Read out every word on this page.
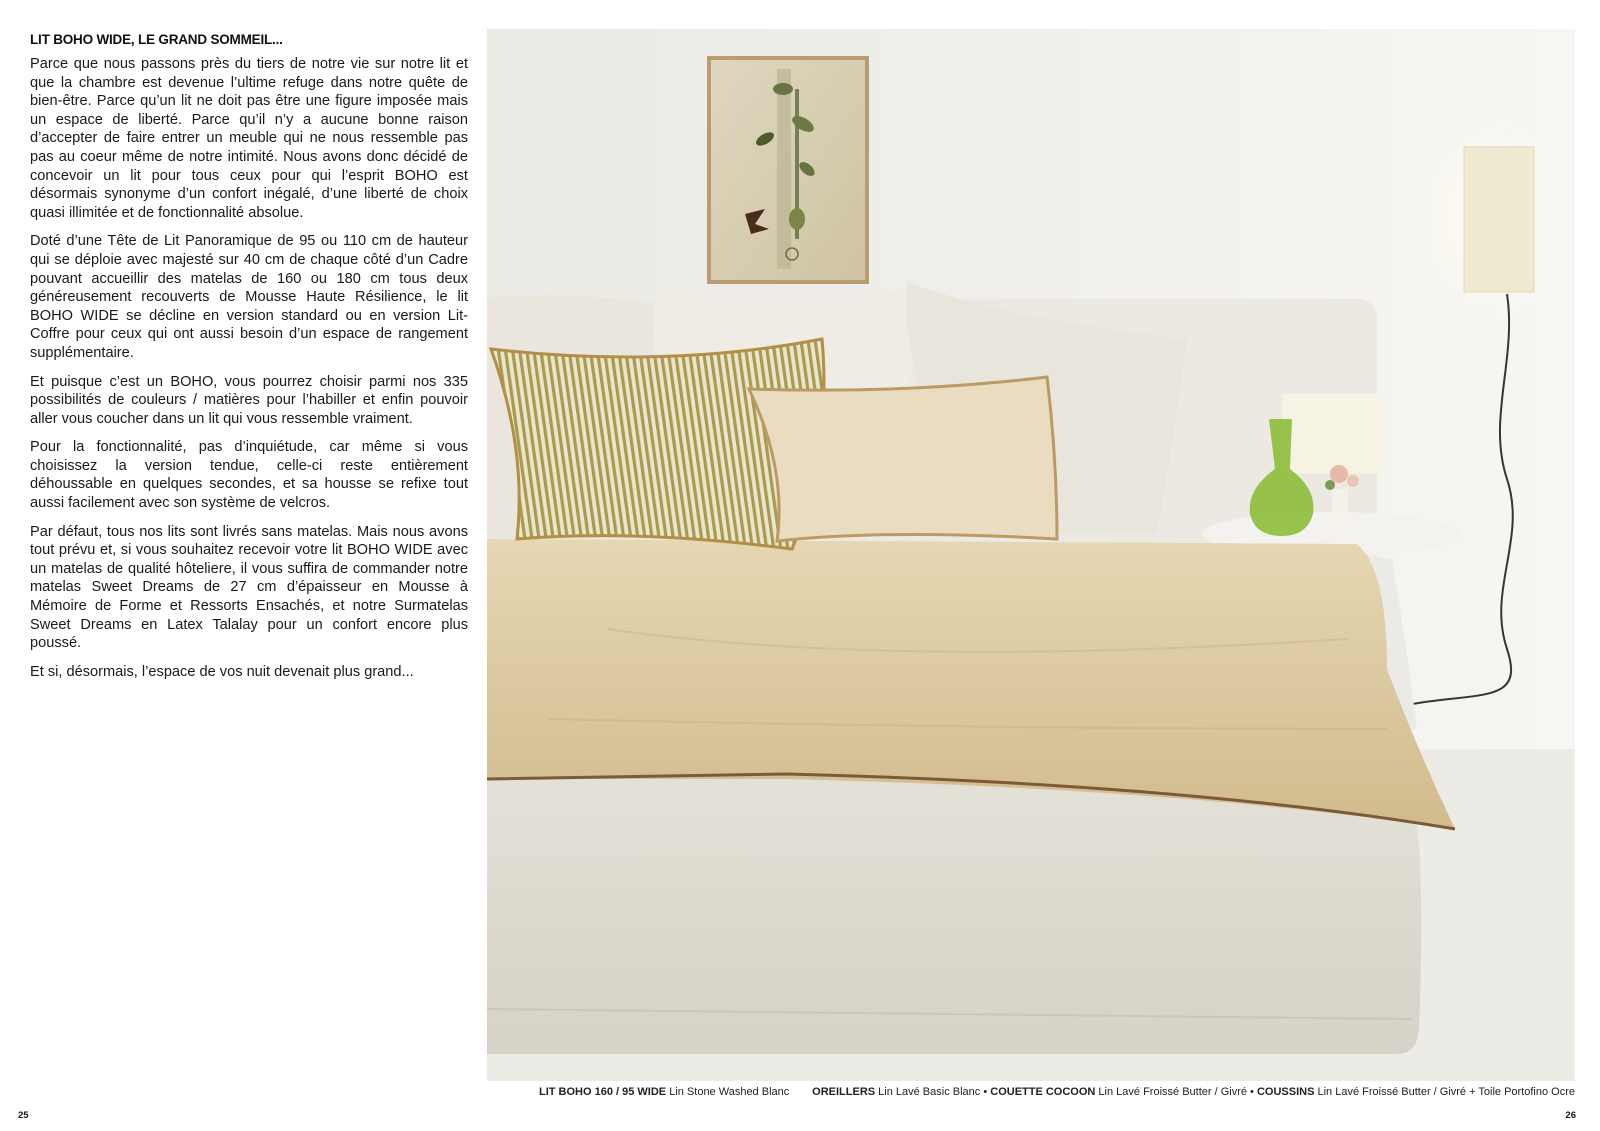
LIT BOHO WIDE, LE GRAND SOMMEIL...

Parce que nous passons près du tiers de notre vie sur notre lit et que la chambre est devenue l’ultime refuge dans notre quête de bien-être. Parce qu’un lit ne doit pas être une figure imposée mais un espace de liberté. Parce qu’il n’y a aucune bonne raison d’accepter de faire entrer un meuble qui ne nous ressemble pas pas au coeur même de notre intimité. Nous avons donc décidé de concevoir un lit pour tous ceux pour qui l’esprit BOHO est désormais synonyme d’un confort inégalé, d’une liberté de choix quasi illimitée et de fonctionnalité absolue.

Doté d’une Tête de Lit Panoramique de 95 ou 110 cm de hauteur qui se déploie avec majesté sur 40 cm de chaque côté d’un Cadre pouvant accueillir des matelas de 160 ou 180 cm tous deux généreusement recouverts de Mousse Haute Résilience, le lit BOHO WIDE se décline en version standard ou en version Lit-Coffre pour ceux qui ont aussi besoin d’un espace de rangement supplémentaire.

Et puisque c’est un BOHO, vous pourrez choisir parmi nos 335 possibilités de couleurs / matières pour l’habiller et enfin pouvoir aller vous coucher dans un lit qui vous ressemble vraiment.

Pour la fonctionnalité, pas d’inquiétude, car même si vous choisissez la version tendue, celle-ci reste entièrement déhoussable en quelques secondes, et sa housse se refixe tout aussi facilement avec son système de velcros.

Par défaut, tous nos lits sont livrés sans matelas. Mais nous avons tout prévu et, si vous souhaitez recevoir votre lit BOHO WIDE avec un matelas de qualité hôteliere, il vous suffira de commander notre matelas Sweet Dreams de 27 cm d’épaisseur en Mousse à Mémoire de Forme et Ressorts Ensachés, et notre Surmatelas Sweet Dreams en Latex Talalay pour un confort encore plus poussé.

Et si, désormais, l’espace de vos nuit devenait plus grand...

LIT BOHO 160 / 95 WIDE Lin Stone Washed Blanc OREILLERS Lin Lavé Basic Blanc • COUETTE COCOON Lin Lavé Froissé Butter / Givré • COUSSINS Lin Lavé Froissé Butter / Givré + Toile Portofino Ocre
25	26
